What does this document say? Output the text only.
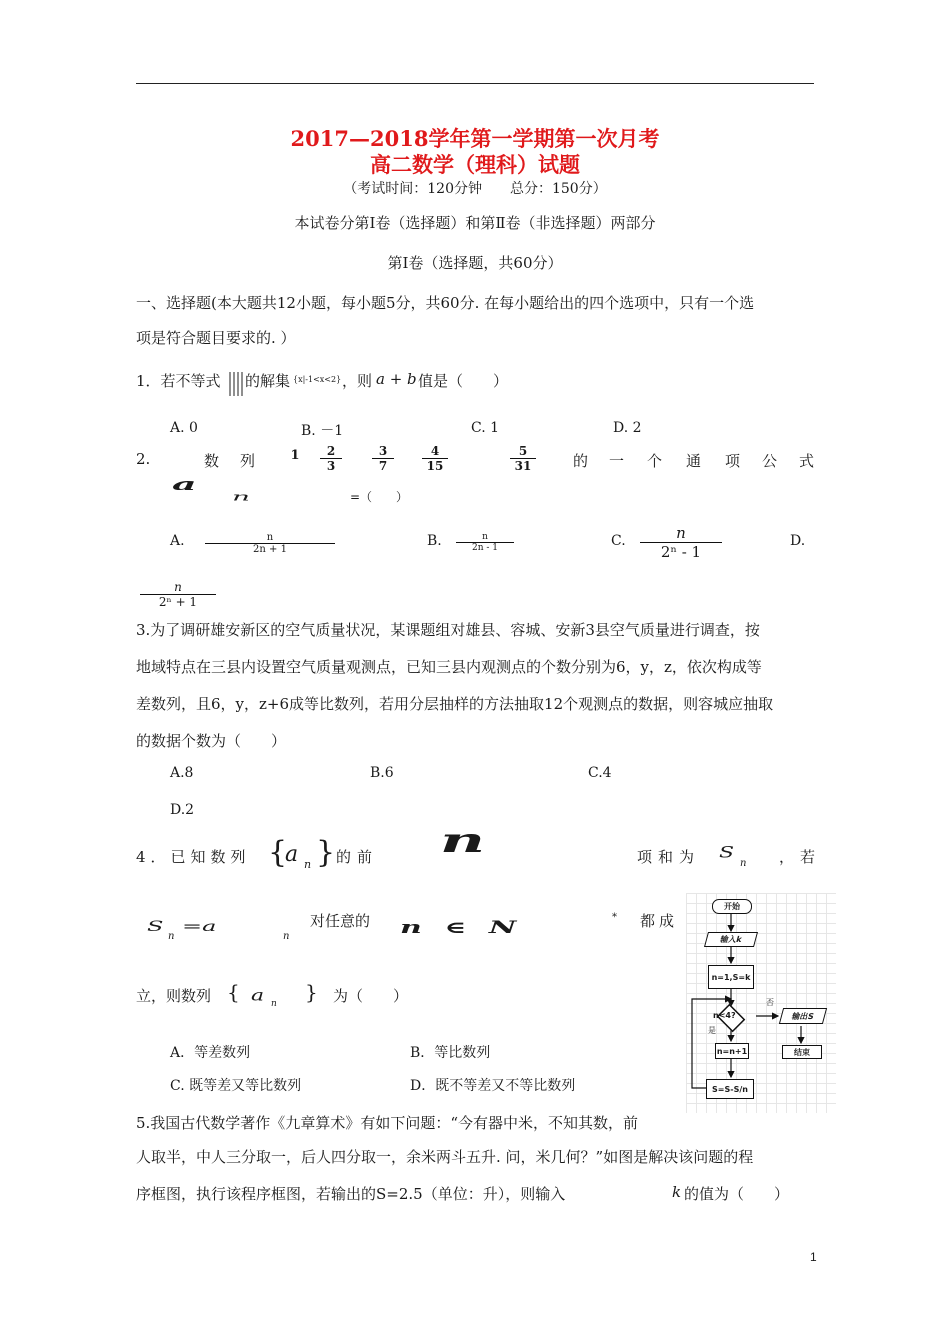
2017—2018学年第一学期第一次月考
高二数学（理科）试题
（考试时间：120分钟　　总分：150分）
本试卷分第Ⅰ卷（选择题）和第Ⅱ卷（非选择题）两部分
第Ⅰ卷（选择题，共60分）
一、选择题(本大题共12小题，每小题5分，共60分. 在每小题给出的四个选项中，只有一个选
项是符合题目要求的. ）
1．若不等式 的解集 {x|-1<x<2} ，则 a + b 值是（　　）
A. 0	B. －1	C. 1	D. 2
2.	数 列	1	2
3
3
7
4
15
5
31	的 一 个 通 项 公 式
a
n	=（　　）
A.	n
2n + 1
B.	n
2n - 1	C.	n
2ⁿ - 1
D.
n
2ⁿ + 1
3.为了调研雄安新区的空气质量状况，某课题组对雄县、容城、安新3县空气质量进行调查，按
地域特点在三县内设置空气质量观测点，已知三县内观测点的个数分别为6，y，z，依次构成等
差数列，且6，y，z+6成等比数列，若用分层抽样的方法抽取12个观测点的数据，则容城应抽取
的数据个数为（　　）
A.8	B.6	C.4
D.2
4．已知数列 {
a n } 的前 n	项和为 S
n ，若
S
n
=a
n
对任意的 n ∈ N
* 都成
立，则数列 { a n } 为（　　）
A．等差数列	B．等比数列
C. 既等差又等比数列	D．既不等差又不等比数列
5.我国古代数学著作《九章算术》有如下问题：“今有器中米，不知其数，前
人取半，中人三分取一，后人四分取一，余米两斗五升. 问，米几何？”如图是解决该问题的程
序框图，执行该程序框图，若输出的S=2.5（单位：升），则输入	k 的值为（　　）
开始
输入k
n=1,S=k
n<4?
否
是
输出S
结束
n=n+1
S=S-S/n
1
